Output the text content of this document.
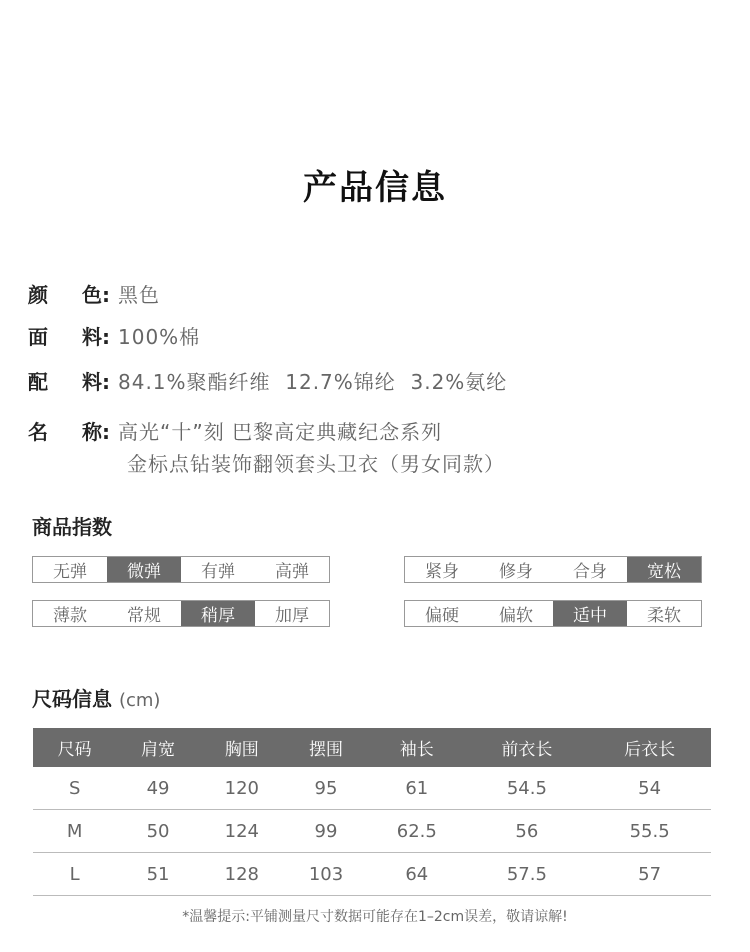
产品信息
颜 色: 黑色
面 料: 100%棉
配 料: 84.1%聚酯纤维  12.7%锦纶  3.2%氨纶
名 称: 高光“十”刻 巴黎高定典藏纪念系列
金标点钻装饰翻领套头卫衣（男女同款）
商品指数
无弹	微弹	有弹	高弹	紧身	修身	合身	宽松
薄款	常规	稍厚	加厚	偏硬	偏软	适中	柔软
尺码信息 (cm)
尺码	肩宽	胸围	摆围	袖长	前衣长	后衣长
S	49	120	95	61	54.5	54
M	50	124	99	62.5	56	55.5
L	51	128	103	64	57.5	57
*温馨提示:平铺测量尺寸数据可能存在1–2cm误差，敬请谅解!
